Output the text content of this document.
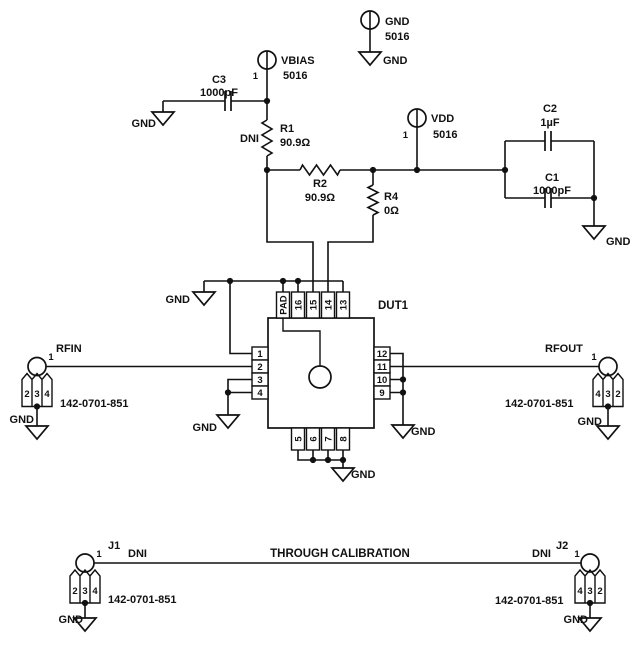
GND
5016
GND
VBIAS
5016
1
VDD
5016
1
C3
1000pF
GND	R1
90.9Ω
DNI
R2
90.9Ω	R4
0Ω
C2
1µF
C1
1000pF
GND
DUT1
PAD 16 15 14 13
1
2
3
4
12
11
10
9
5 6 7 8
GND
GND	GND
GND
RFIN
1
2 3 4
142-0701-851
GND
RFOUT
1
4 3 2
142-0701-851
GND
THROUGH CALIBRATION
J1
DNI
1
2 3 4
142-0701-851
GND
DNI
J2
1
4 3 2
142-0701-851
GND
